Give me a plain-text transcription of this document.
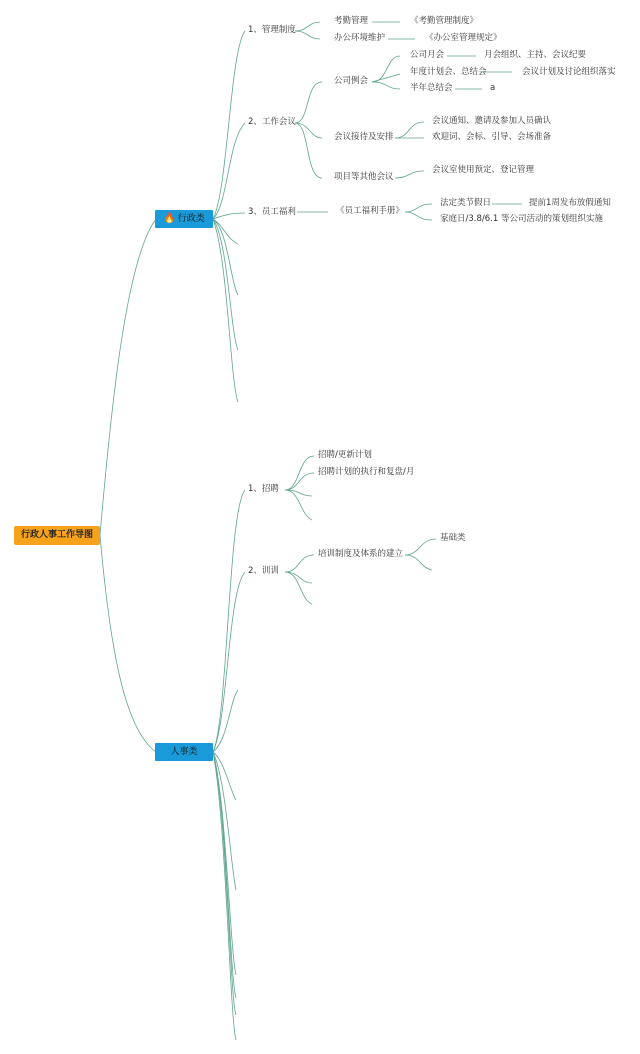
行政人事工作导图
🔥 行政类
人事类
1、管理制度
2、工作会议
3、员工福利
考勤管理	《考勤管理制度》
办公环境维护	《办公室管理规定》
公司例会
公司月会	月会组织、主持、会议纪要
年度计划会、总结会	会议计划及讨论组织落实
半年总结会	a
会议接待及安排
会议通知、邀请及参加人员确认
欢迎词、会标、引导、会场准备
项目等其他会议
会议室使用预定、登记管理
《员工福利手册》
法定类节假日	提前1周发布放假通知
家庭日/3.8/6.1 等公司活动的策划组织实施
1、招聘
2、训训
招聘/更新计划
招聘计划的执行和复盘/月
培训制度及体系的建立
基础类
